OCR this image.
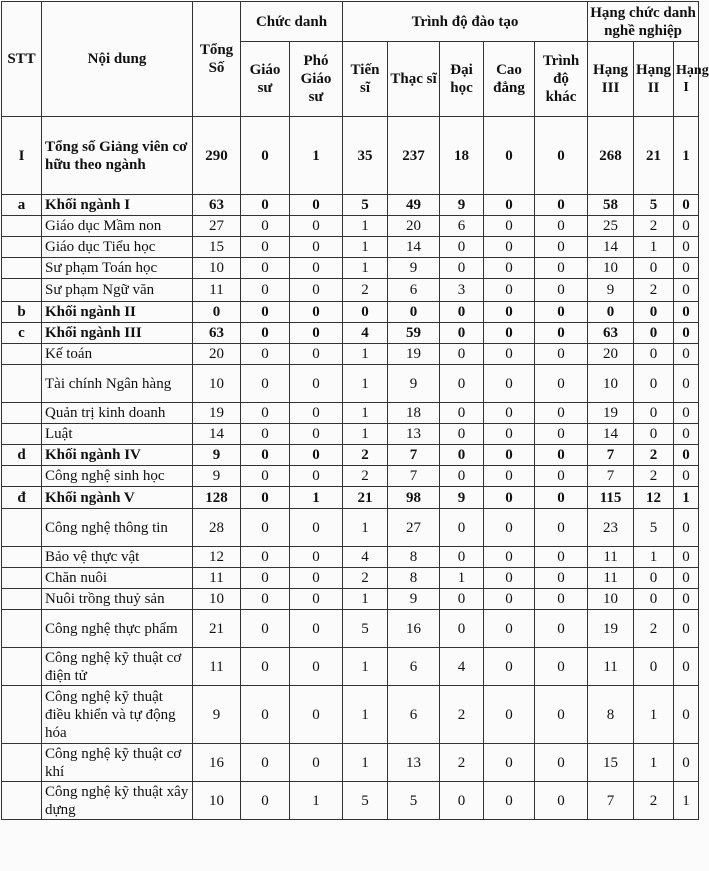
STT	Nội dung	Tổng Số	Chức danh		Trình độ đào tạo					Hạng chức danh nghề nghiệp		
			Giáo sư	Phó Giáo sư	Tiến sĩ	Thạc sĩ	Đại học	Cao đẳng	Trình độ khác	Hạng III	Hạng II	Hạng I
I	Tổng số Giảng viên cơ hữu theo ngành	290	0	1	35	237	18	0	0	268	21	1
a	Khối ngành I	63	0	0	5	49	9	0	0	58	5	0
	Giáo dục Mầm non	27	0	0	1	20	6	0	0	25	2	0
	Giáo dục Tiểu học	15	0	0	1	14	0	0	0	14	1	0
	Sư phạm Toán học	10	0	0	1	9	0	0	0	10	0	0
	Sư phạm Ngữ văn	11	0	0	2	6	3	0	0	9	2	0
b	Khối ngành II	0	0	0	0	0	0	0	0	0	0	0
c	Khối ngành III	63	0	0	4	59	0	0	0	63	0	0
	Kế toán	20	0	0	1	19	0	0	0	20	0	0
	Tài chính Ngân hàng	10	0	0	1	9	0	0	0	10	0	0
	Quản trị kinh doanh	19	0	0	1	18	0	0	0	19	0	0
	Luật	14	0	0	1	13	0	0	0	14	0	0
d	Khối ngành IV	9	0	0	2	7	0	0	0	7	2	0
	Công nghệ sinh học	9	0	0	2	7	0	0	0	7	2	0
đ	Khối ngành V	128	0	1	21	98	9	0	0	115	12	1
	Công nghệ thông tin	28	0	0	1	27	0	0	0	23	5	0
	Bảo vệ thực vật	12	0	0	4	8	0	0	0	11	1	0
	Chăn nuôi	11	0	0	2	8	1	0	0	11	0	0
	Nuôi trồng thuỷ sản	10	0	0	1	9	0	0	0	10	0	0
	Công nghệ thực phẩm	21	0	0	5	16	0	0	0	19	2	0
	Công nghệ kỹ thuật cơ điện tử	11	0	0	1	6	4	0	0	11	0	0
	Công nghệ kỹ thuật điều khiển và tự động hóa	9	0	0	1	6	2	0	0	8	1	0
	Công nghệ kỹ thuật cơ khí	16	0	0	1	13	2	0	0	15	1	0
	Công nghệ kỹ thuật xây dựng	10	0	1	5	5	0	0	0	7	2	1
